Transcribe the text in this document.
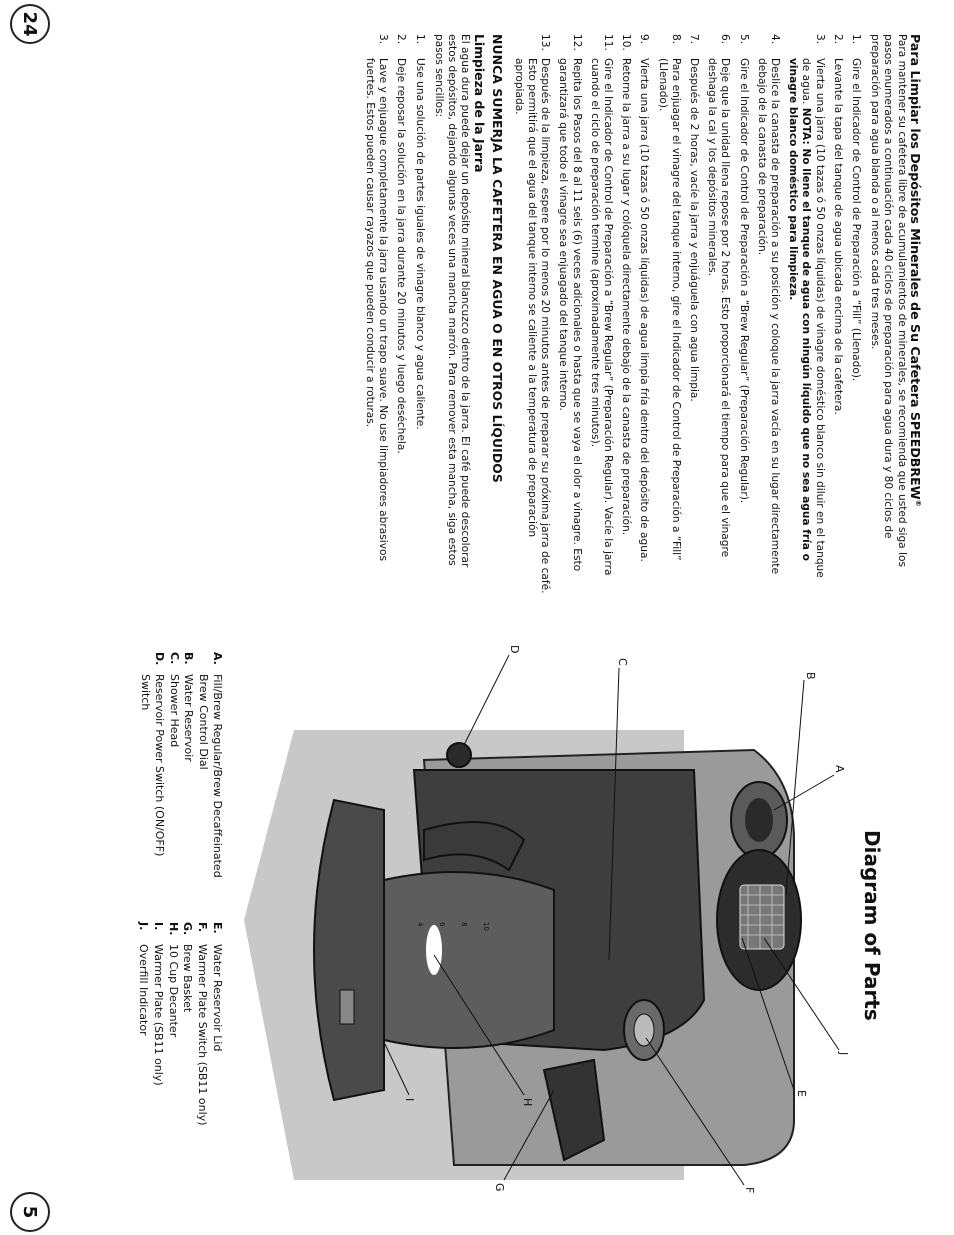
24
Para Limpiar los Depósitos Minerales de Su Cafetera SPEEDBREW®

Para mantener su cafetera libre de acumulamientos de minerales, se recomienda que usted siga los pasos enumerados a continuación cada 40 ciclos de preparación para agua dura y 80 ciclos de preparación para agua blanda o al menos cada tres meses.

1.Gire el Indicador de Control de Preparación a “Fill” (Llenado).
2.Levante la tapa del tanque de agua ubicada encima de la cafetera.
3.Vierta una jarra (10 tazas ó 50 onzas líquidas) de vinagre doméstico blanco sin diluir en el tanque de agua. NOTA: No llene el tanque de agua con ningún líquido que no sea agua fría o vinagre blanco doméstico para limpieza.
4.Deslice la canasta de preparación a su posición y coloque la jarra vacía en su lugar directamente debajo de la canasta de preparación.
5.Gire el Indicador de Control de Preparación a “Brew Regular” (Preparación Regular).
6.Deje que la unidad llena repose por 2 horas. Esto proporcionará el tiempo para que el vinagre deshaga la cal y los depósitos minerales.
7.Después de 2 horas, vacíe la jarra y enjuáguela con agua limpia.
8.Para enjuagar el vinagre del tanque interno, gire el Indicador de Control de Preparación a “Fill” (Llenado).
9.Vierta una jarra (10 tazas ó 50 onzas líquidas) de agua limpia fría dentro del depósito de agua.
10.Retorne la jarra a su lugar y colóquela directamente debajo de la canasta de preparación.
11.Gire el Indicador de Control de Preparación a “Brew Regular” (Preparación Regular). Vacíe la jarra cuando el ciclo de preparación termine (aproximadamente tres minutos).
12.Repita los Pasos del 8 al 11 seis (6) veces adicionales o hasta que se vaya el olor a vinagre. Esto garantizará que todo el vinagre sea enjuagado del tanque interno.
13.Después de la limpieza, espere por lo menos 20 minutos antes de preparar su próxima jarra de café. Esto permitirá que el agua del tanque interno se caliente a la temperatura de preparación apropiada.
NUNCA SUMERJA LA CAFETERA EN AGUA O EN OTROS LÍQUIDOS
Limpieza de la Jarra

El agua dura puede dejar un depósito mineral blancuzco dentro de la jarra. El café puede descolorar estos depósitos, dejando algunas veces una mancha marrón. Para remover esta mancha, siga estos pasos sencillos:

1.Use una solución de partes iguales de vinagre blanco y agua caliente.
2.Deje reposar la solución en la jarra durante 20 minutos y luego deséchela.
3.Lave y enjuague completamente la jarra usando un trapo suave. No use limpiadores abrasivos fuertes. Estos pueden causar rayazos que pueden conducir a roturas.
Diagram of Parts
10
8
6
4
A
B
C
D
E
F
G
H
I
J
A.
Fill/Brew Regular/Brew Decaffeinated Brew Control Dial
B.
Water Reservoir
C.
Shower Head
D.
Reservoir Power Switch (ON/OFF) Switch
E.
Water Reservoir Lid
F.
Warmer Plate Switch (SB11 only)
G.
Brew Basket
H.
10 Cup Decanter
I.
Warmer Plate (SB11 only)
J.
Overfill Indicator
5
